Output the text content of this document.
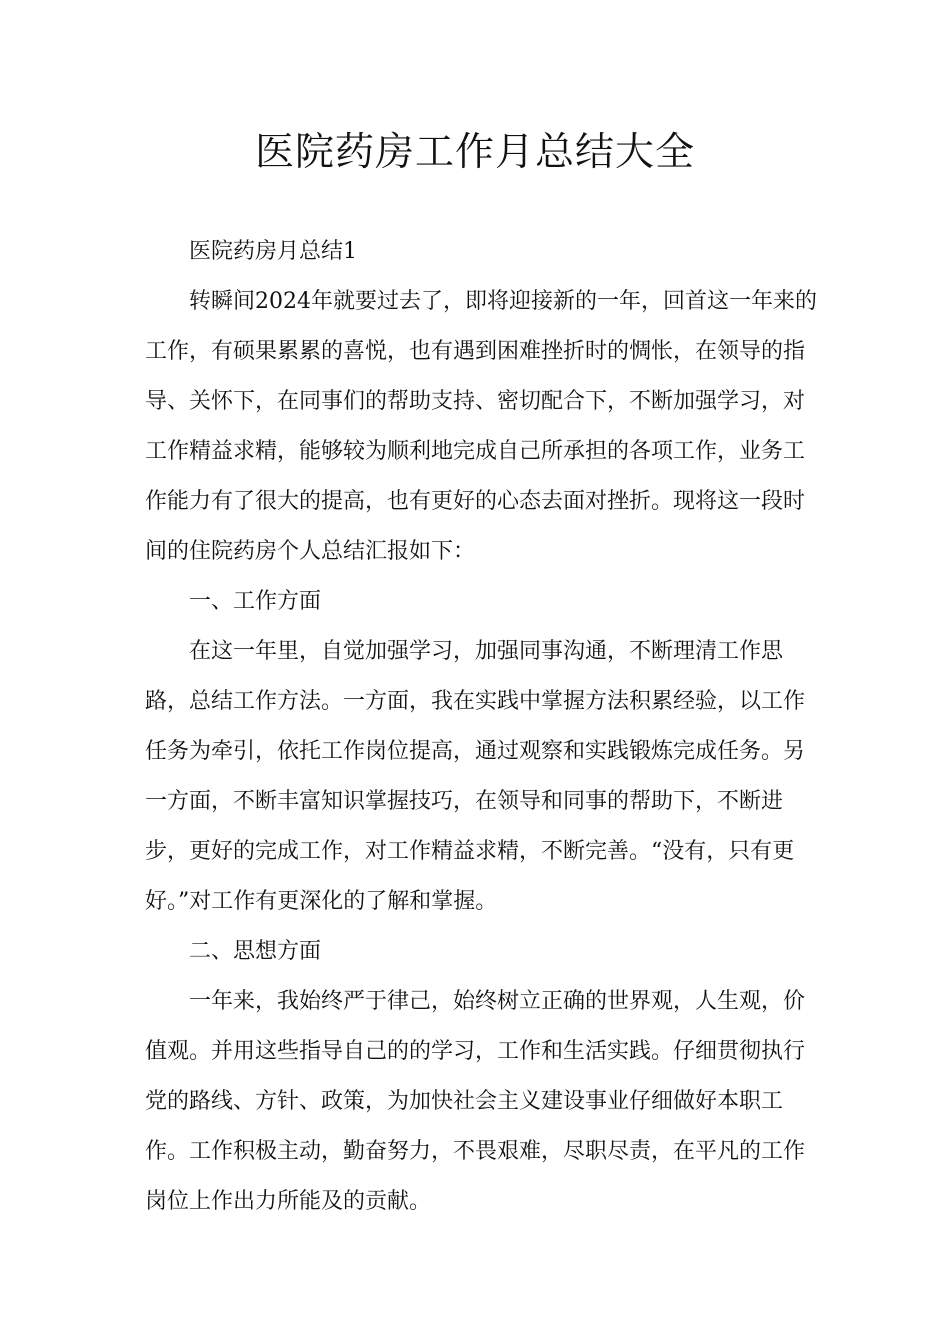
医院药房工作月总结大全

医院药房月总结1

转瞬间2024年就要过去了，即将迎接新的一年，回首这一年来的工作，有硕果累累的喜悦，也有遇到困难挫折时的惆怅，在领导的指导、关怀下，在同事们的帮助支持、密切配合下，不断加强学习，对工作精益求精，能够较为顺利地完成自己所承担的各项工作，业务工作能力有了很大的提高，也有更好的心态去面对挫折。现将这一段时间的住院药房个人总结汇报如下：

一、工作方面

在这一年里，自觉加强学习，加强同事沟通，不断理清工作思路，总结工作方法。一方面，我在实践中掌握方法积累经验，以工作任务为牵引，依托工作岗位提高，通过观察和实践锻炼完成任务。另一方面，不断丰富知识掌握技巧，在领导和同事的帮助下，不断进步，更好的完成工作，对工作精益求精，不断完善。“没有，只有更好。”对工作有更深化的了解和掌握。

二、思想方面

一年来，我始终严于律己，始终树立正确的世界观，人生观，价值观。并用这些指导自己的的学习，工作和生活实践。仔细贯彻执行党的路线、方针、政策，为加快社会主义建设事业仔细做好本职工作。工作积极主动，勤奋努力，不畏艰难，尽职尽责，在平凡的工作岗位上作出力所能及的贡献。
